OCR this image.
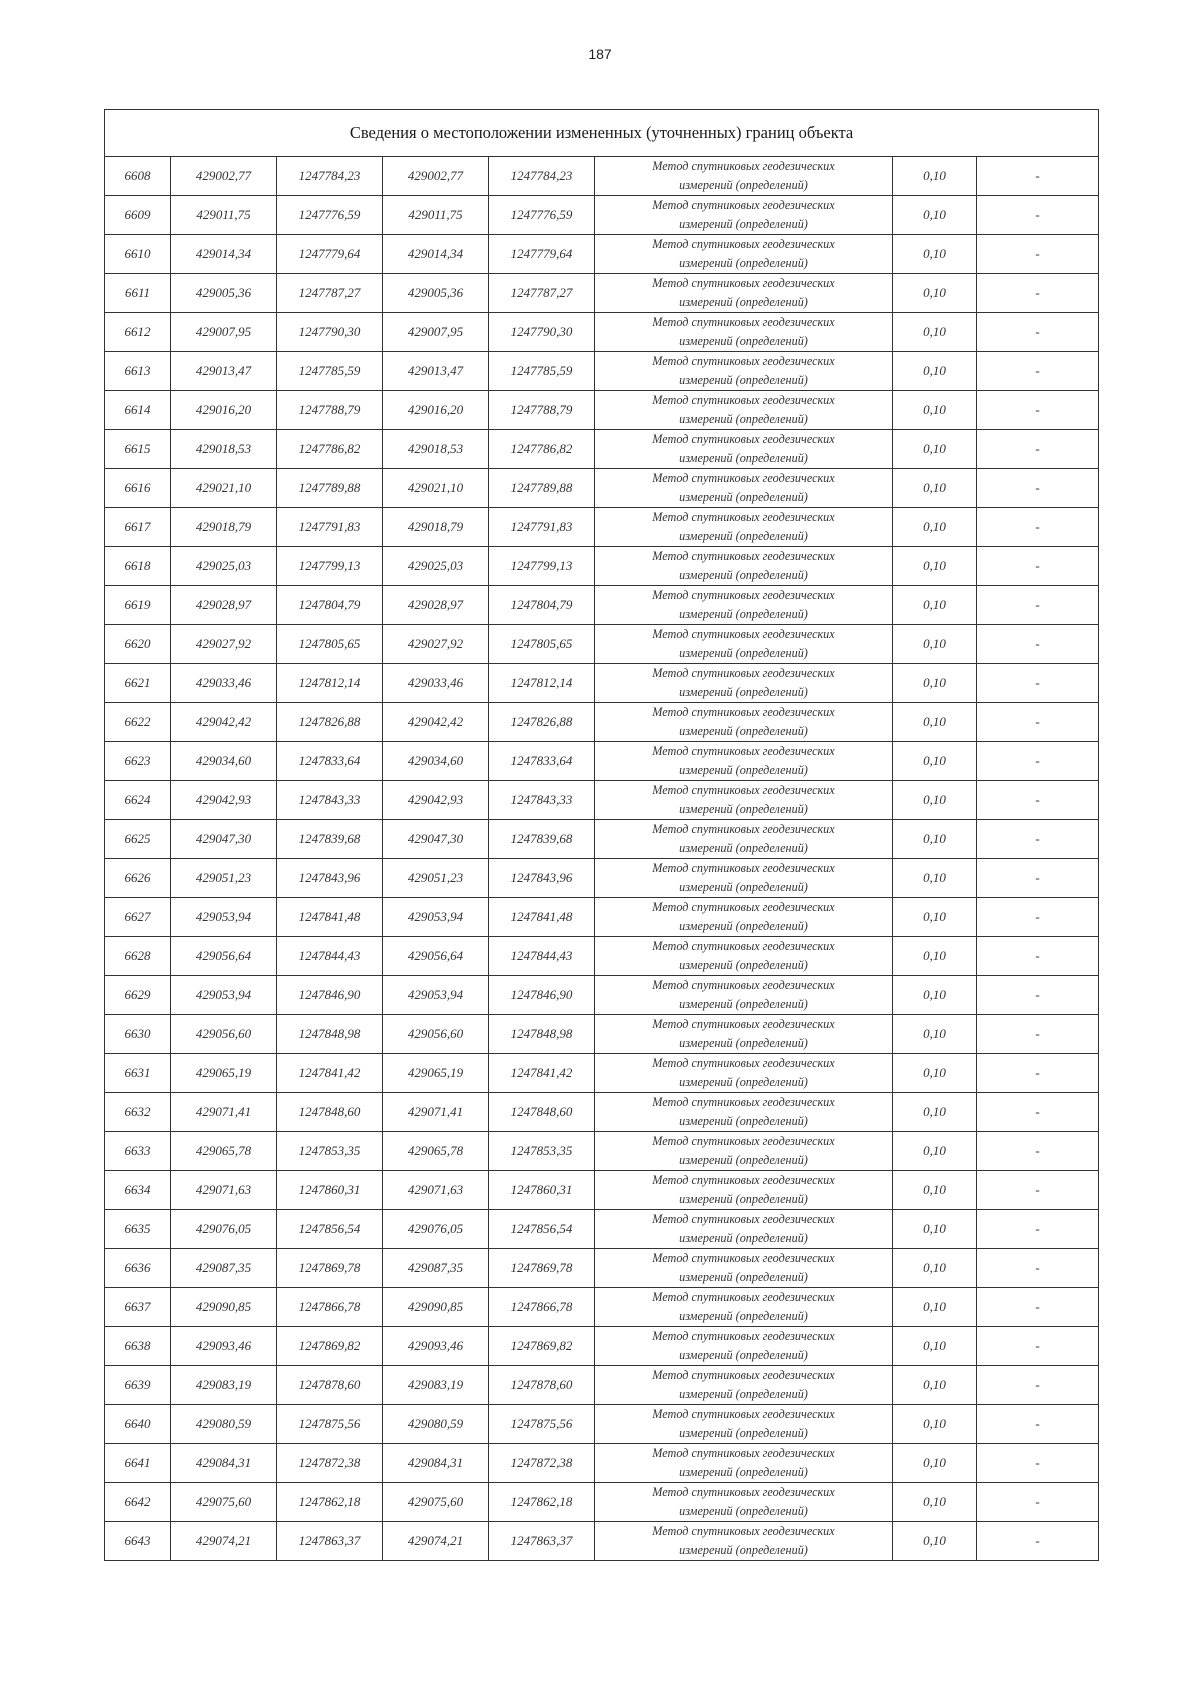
187
Сведения о местоположении измененных (уточненных) границ объекта							
6608	429002,77	1247784,23	429002,77	1247784,23	Метод спутниковых геодезических
измерений (определений)	0,10	-
6609	429011,75	1247776,59	429011,75	1247776,59	Метод спутниковых геодезических
измерений (определений)	0,10	-
6610	429014,34	1247779,64	429014,34	1247779,64	Метод спутниковых геодезических
измерений (определений)	0,10	-
6611	429005,36	1247787,27	429005,36	1247787,27	Метод спутниковых геодезических
измерений (определений)	0,10	-
6612	429007,95	1247790,30	429007,95	1247790,30	Метод спутниковых геодезических
измерений (определений)	0,10	-
6613	429013,47	1247785,59	429013,47	1247785,59	Метод спутниковых геодезических
измерений (определений)	0,10	-
6614	429016,20	1247788,79	429016,20	1247788,79	Метод спутниковых геодезических
измерений (определений)	0,10	-
6615	429018,53	1247786,82	429018,53	1247786,82	Метод спутниковых геодезических
измерений (определений)	0,10	-
6616	429021,10	1247789,88	429021,10	1247789,88	Метод спутниковых геодезических
измерений (определений)	0,10	-
6617	429018,79	1247791,83	429018,79	1247791,83	Метод спутниковых геодезических
измерений (определений)	0,10	-
6618	429025,03	1247799,13	429025,03	1247799,13	Метод спутниковых геодезических
измерений (определений)	0,10	-
6619	429028,97	1247804,79	429028,97	1247804,79	Метод спутниковых геодезических
измерений (определений)	0,10	-
6620	429027,92	1247805,65	429027,92	1247805,65	Метод спутниковых геодезических
измерений (определений)	0,10	-
6621	429033,46	1247812,14	429033,46	1247812,14	Метод спутниковых геодезических
измерений (определений)	0,10	-
6622	429042,42	1247826,88	429042,42	1247826,88	Метод спутниковых геодезических
измерений (определений)	0,10	-
6623	429034,60	1247833,64	429034,60	1247833,64	Метод спутниковых геодезических
измерений (определений)	0,10	-
6624	429042,93	1247843,33	429042,93	1247843,33	Метод спутниковых геодезических
измерений (определений)	0,10	-
6625	429047,30	1247839,68	429047,30	1247839,68	Метод спутниковых геодезических
измерений (определений)	0,10	-
6626	429051,23	1247843,96	429051,23	1247843,96	Метод спутниковых геодезических
измерений (определений)	0,10	-
6627	429053,94	1247841,48	429053,94	1247841,48	Метод спутниковых геодезических
измерений (определений)	0,10	-
6628	429056,64	1247844,43	429056,64	1247844,43	Метод спутниковых геодезических
измерений (определений)	0,10	-
6629	429053,94	1247846,90	429053,94	1247846,90	Метод спутниковых геодезических
измерений (определений)	0,10	-
6630	429056,60	1247848,98	429056,60	1247848,98	Метод спутниковых геодезических
измерений (определений)	0,10	-
6631	429065,19	1247841,42	429065,19	1247841,42	Метод спутниковых геодезических
измерений (определений)	0,10	-
6632	429071,41	1247848,60	429071,41	1247848,60	Метод спутниковых геодезических
измерений (определений)	0,10	-
6633	429065,78	1247853,35	429065,78	1247853,35	Метод спутниковых геодезических
измерений (определений)	0,10	-
6634	429071,63	1247860,31	429071,63	1247860,31	Метод спутниковых геодезических
измерений (определений)	0,10	-
6635	429076,05	1247856,54	429076,05	1247856,54	Метод спутниковых геодезических
измерений (определений)	0,10	-
6636	429087,35	1247869,78	429087,35	1247869,78	Метод спутниковых геодезических
измерений (определений)	0,10	-
6637	429090,85	1247866,78	429090,85	1247866,78	Метод спутниковых геодезических
измерений (определений)	0,10	-
6638	429093,46	1247869,82	429093,46	1247869,82	Метод спутниковых геодезических
измерений (определений)	0,10	-
6639	429083,19	1247878,60	429083,19	1247878,60	Метод спутниковых геодезических
измерений (определений)	0,10	-
6640	429080,59	1247875,56	429080,59	1247875,56	Метод спутниковых геодезических
измерений (определений)	0,10	-
6641	429084,31	1247872,38	429084,31	1247872,38	Метод спутниковых геодезических
измерений (определений)	0,10	-
6642	429075,60	1247862,18	429075,60	1247862,18	Метод спутниковых геодезических
измерений (определений)	0,10	-
6643	429074,21	1247863,37	429074,21	1247863,37	Метод спутниковых геодезических
измерений (определений)	0,10	-
